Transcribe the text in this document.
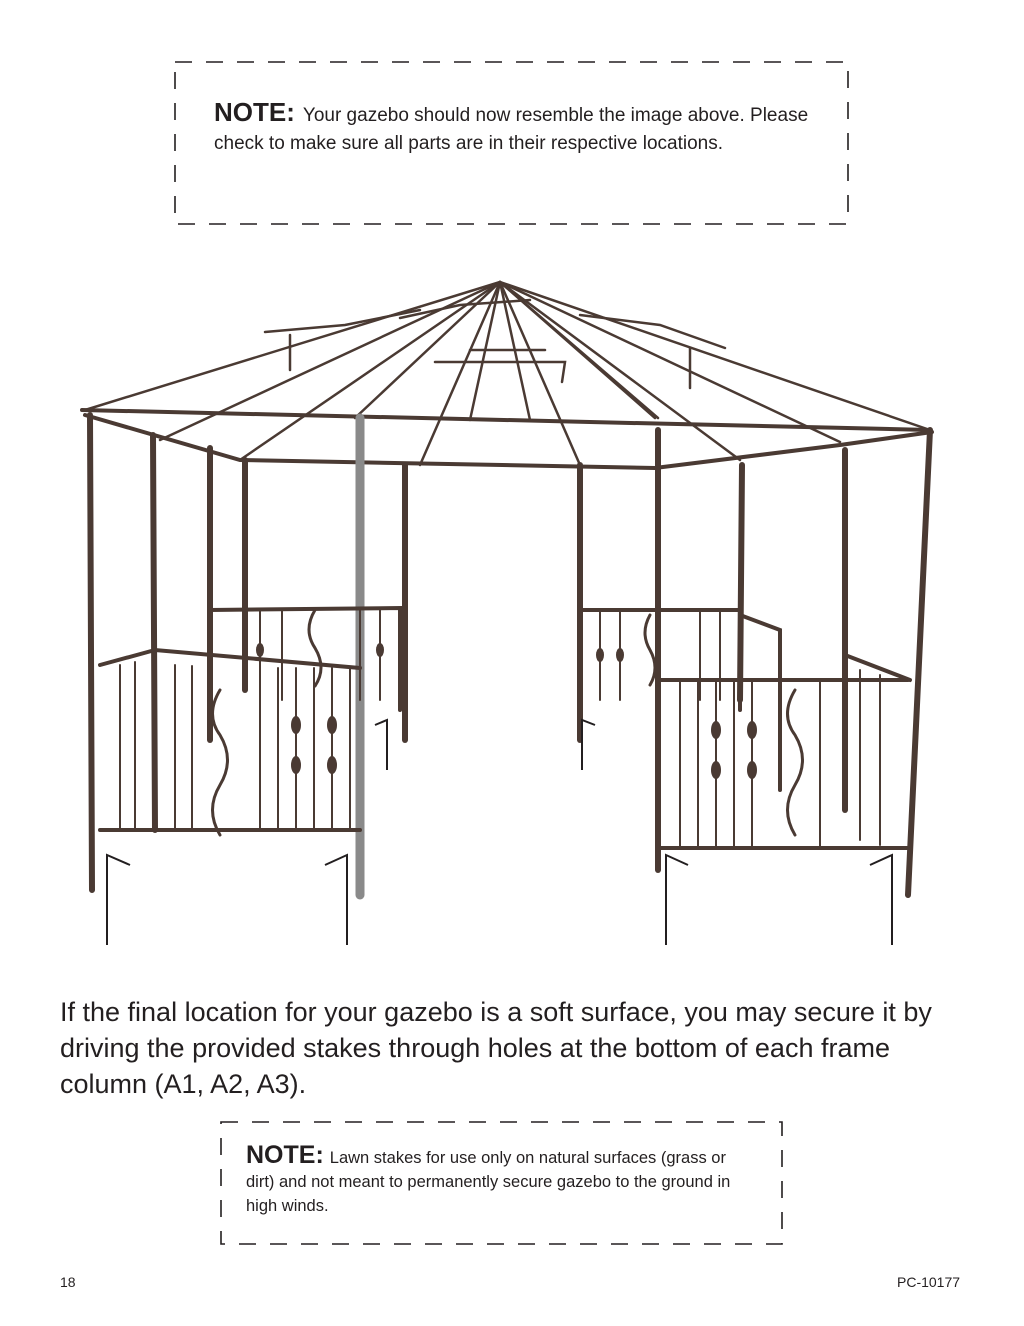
NOTE: Your gazebo should now resemble the image above. Please check to make sure all parts are in their respective locations.

If the final location for your gazebo is a soft surface, you may secure it by driving the provided stakes through holes at the bottom of each frame column (A1, A2, A3).

NOTE: Lawn stakes for use only on natural surfaces (grass or dirt) and not meant to permanently secure gazebo to the ground in high winds.

18	PC-10177
